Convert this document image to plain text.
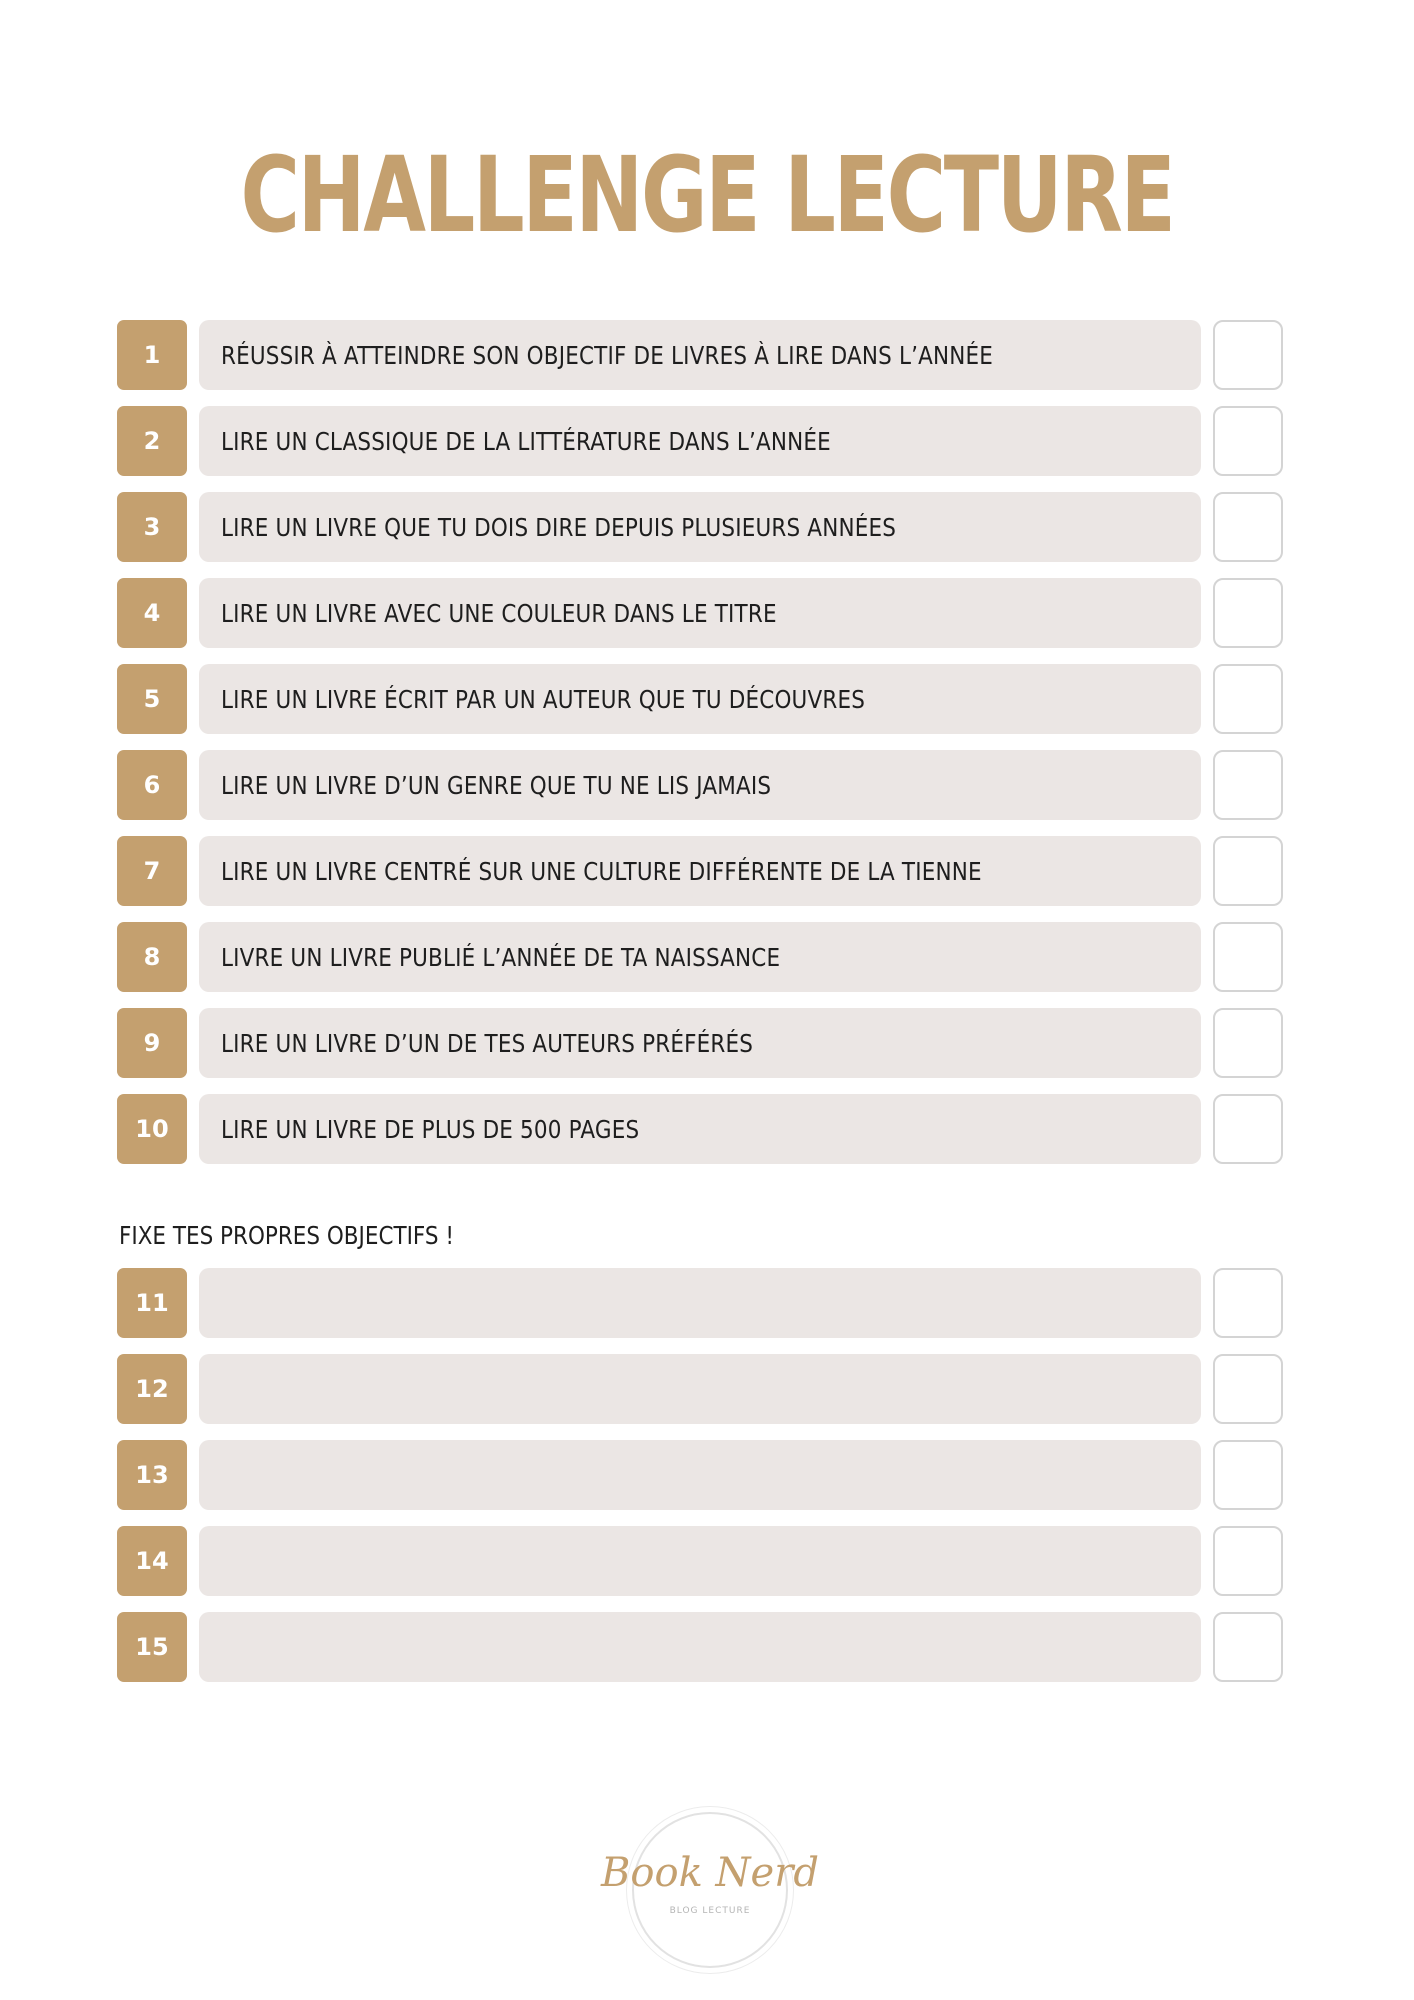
CHALLENGE LECTURE
1	RÉUSSIR À ATTEINDRE SON OBJECTIF DE LIVRES À LIRE DANS L’ANNÉE
2	LIRE UN CLASSIQUE DE LA LITTÉRATURE DANS L’ANNÉE
3	LIRE UN LIVRE QUE TU DOIS DIRE DEPUIS PLUSIEURS ANNÉES
4	LIRE UN LIVRE AVEC UNE COULEUR DANS LE TITRE
5	LIRE UN LIVRE ÉCRIT PAR UN AUTEUR QUE TU DÉCOUVRES
6	LIRE UN LIVRE D’UN GENRE QUE TU NE LIS JAMAIS
7	LIRE UN LIVRE CENTRÉ SUR UNE CULTURE DIFFÉRENTE DE LA TIENNE
8	LIVRE UN LIVRE PUBLIÉ L’ANNÉE DE TA NAISSANCE
9	LIRE UN LIVRE D’UN DE TES AUTEURS PRÉFÉRÉS
10	LIRE UN LIVRE DE PLUS DE 500 PAGES
FIXE TES PROPRES OBJECTIFS !
11
12
13
14
15
Book Nerd
BLOG LECTURE
